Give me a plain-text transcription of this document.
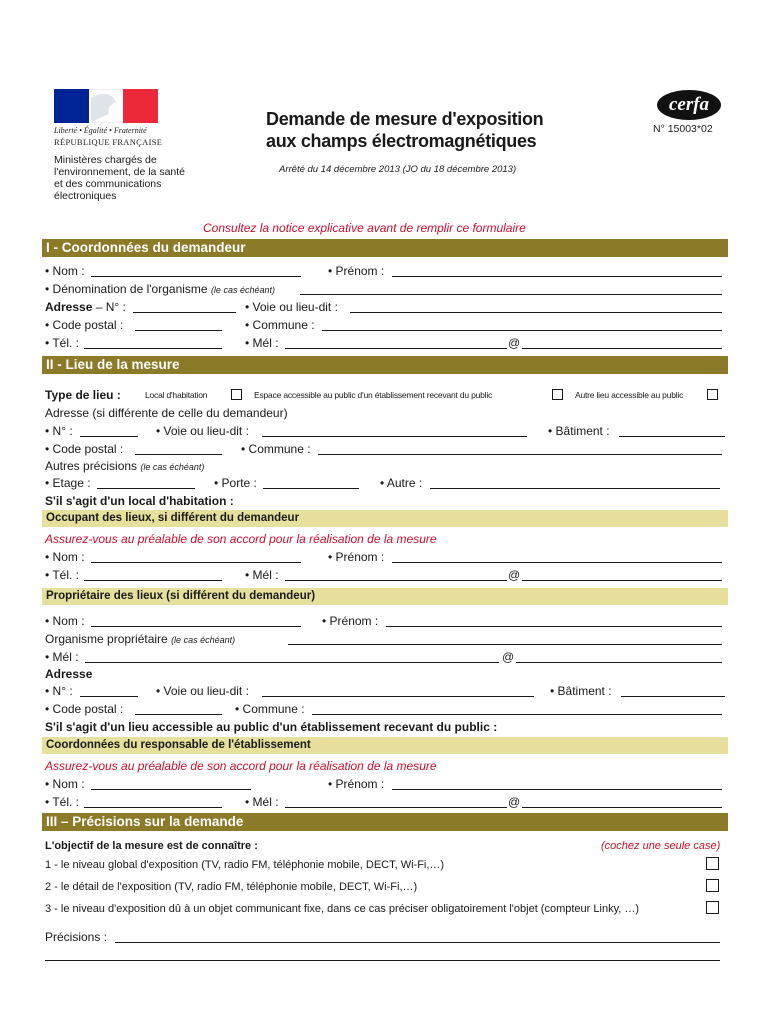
Liberté • Égalité • Fraternité
RÉPUBLIQUE FRANÇAISE
Ministères chargés de l'environnement, de la santé et des communications électroniques
Demande de mesure d'exposition
aux champs électromagnétiques
Arrêté du 14 décembre 2013 (JO du 18 décembre 2013)
cerfa
N° 15003*02
Consultez la notice explicative avant de remplir ce formulaire
I - Coordonnées du demandeur
• Nom :	• Prénom :
• Dénomination de l'organisme (le cas échéant)
Adresse – N° :	• Voie ou lieu-dit :
• Code postal :	• Commune :
• Tél. :	• Mél :	@
II - Lieu de la mesure
Type de lieu :	Local d'habitation	Espace accessible au public d'un établissement recevant du public	Autre lieu accessible au public
Adresse (si différente de celle du demandeur)
• N° :	• Voie ou lieu-dit :	• Bâtiment :
• Code postal :	• Commune :
Autres précisions (le cas échéant)
• Etage :	• Porte :	• Autre :
S'il s'agit d'un local d'habitation :
Occupant des lieux, si différent du demandeur
Assurez-vous au préalable de son accord pour la réalisation de la mesure
• Nom :	• Prénom :
• Tél. :	• Mél :	@
Propriétaire des lieux (si différent du demandeur)
• Nom :	• Prénom :
Organisme propriétaire (le cas échéant)
• Mél :	@
Adresse
• N° :	• Voie ou lieu-dit :	• Bâtiment :
• Code postal :	• Commune :
S'il s'agit d'un lieu accessible au public d'un établissement recevant du public :
Coordonnées du responsable de l'établissement
Assurez-vous au préalable de son accord pour la réalisation de la mesure
• Nom :	• Prénom :
• Tél. :	• Mél :	@
III – Précisions sur la demande
L'objectif de la mesure est de connaître :	(cochez une seule case)
1 - le niveau global d'exposition (TV, radio FM, téléphonie mobile, DECT, Wi-Fi,…)
2 - le détail de l'exposition (TV, radio FM, téléphonie mobile, DECT, Wi-Fi,…)
3 - le niveau d'exposition dû à un objet communicant fixe, dans ce cas préciser obligatoirement l'objet (compteur Linky, …)
Précisions :
